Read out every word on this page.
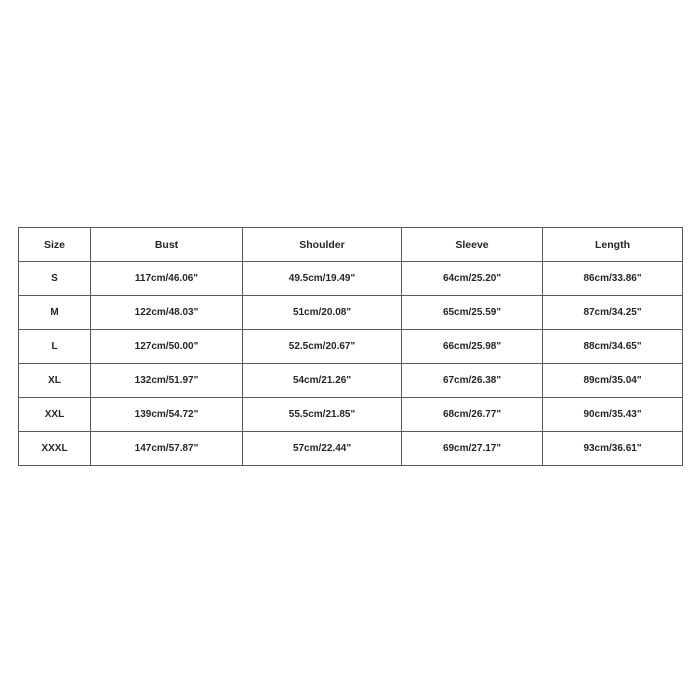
Size	Bust	Shoulder	Sleeve	Length
S	117cm/46.06"	49.5cm/19.49"	64cm/25.20"	86cm/33.86"
M	122cm/48.03"	51cm/20.08"	65cm/25.59"	87cm/34.25"
L	127cm/50.00"	52.5cm/20.67"	66cm/25.98"	88cm/34.65"
XL	132cm/51.97"	54cm/21.26"	67cm/26.38"	89cm/35.04"
XXL	139cm/54.72"	55.5cm/21.85"	68cm/26.77"	90cm/35.43"
XXXL	147cm/57.87"	57cm/22.44"	69cm/27.17"	93cm/36.61"
